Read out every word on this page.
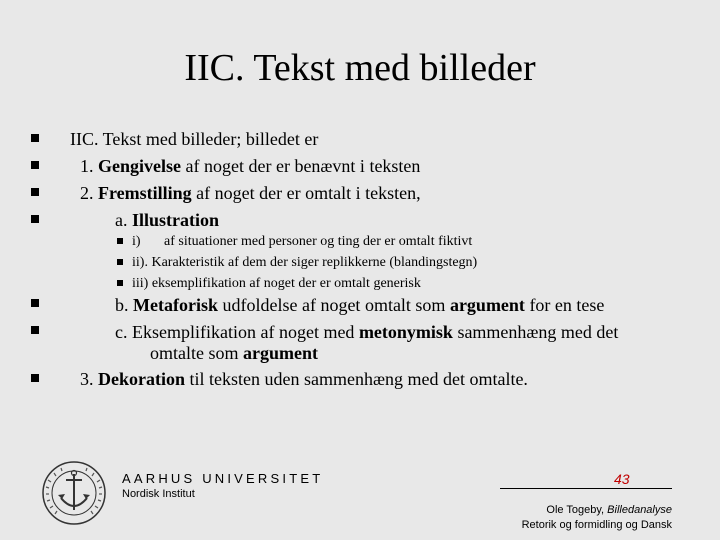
IIC. Tekst med billeder
IIC. Tekst med billeder; billedet er
1. Gengivelse af noget der er benævnt i teksten
2. Fremstilling af noget der er omtalt i teksten,
a. Illustration
i) af situationer med personer og ting der er omtalt fiktivt
ii). Karakteristik af dem der siger replikkerne (blandingstegn)
iii) eksemplifikation af noget der er omtalt generisk
b. Metaforisk udfoldelse af noget omtalt som argument for en tese
c. Eksemplifikation af noget med metonymisk sammenhæng med det
omtalte som argument
3. Dekoration til teksten uden sammenhæng med det omtalte.
AARHUS UNIVERSITET
Nordisk Institut
43
Ole Togeby, Billedanalyse
Retorik og formidling og Dansk
